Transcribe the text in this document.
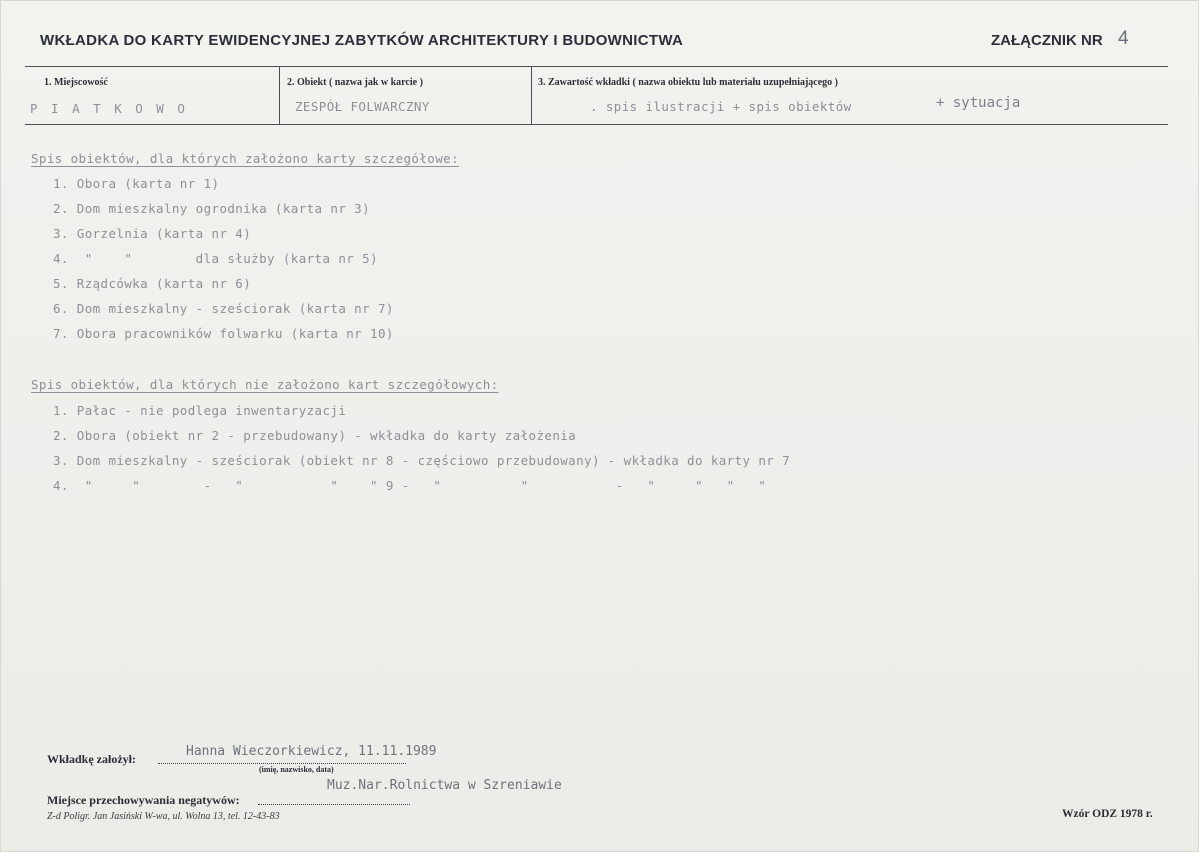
WKŁADKA DO KARTY EWIDENCYJNEJ ZABYTKÓW ARCHITEKTURY I BUDOWNICTWA	ZAŁĄCZNIK NR 4
1. Miejscowość
P I A T K O W O
2. Obiekt ( nazwa jak w karcie )
ZESPÓŁ FOLWARCZNY
3. Zawartość wkładki ( nazwa obiektu lub materiału uzupełniającego )
. spis ilustracji + spis obiektów	+ sytuacja
Spis obiektów, dla których założono karty szczegółowe:
1. Obora (karta nr 1)
2. Dom mieszkalny ogrodnika (karta nr 3)
3. Gorzelnia (karta nr 4)
4.  "    "        dla służby (karta nr 5)
5. Rządcówka (karta nr 6)
6. Dom mieszkalny - sześciorak (karta nr 7)
7. Obora pracowników folwarku (karta nr 10)
Spis obiektów, dla których nie założono kart szczegółowych:
1. Pałac - nie podlega inwentaryzacji
2. Obora (obiekt nr 2 - przebudowany) - wkładka do karty założenia
3. Dom mieszkalny - sześciorak (obiekt nr 8 - częściowo przebudowany) - wkładka do karty nr 7
4.  "     "        -   "           "    " 9 -   "          "           -   "     "   "   "
Wkładkę założył:	Hanna Wieczorkiewicz, 11.11.1989
(imię, nazwisko, data)
Muz.Nar.Rolnictwa w Szreniawie
Miejsce przechowywania negatywów:
Z-d Poligr. Jan Jasiński W-wa, ul. Wolna 13, tel. 12-43-83	Wzór ODZ 1978 r.
